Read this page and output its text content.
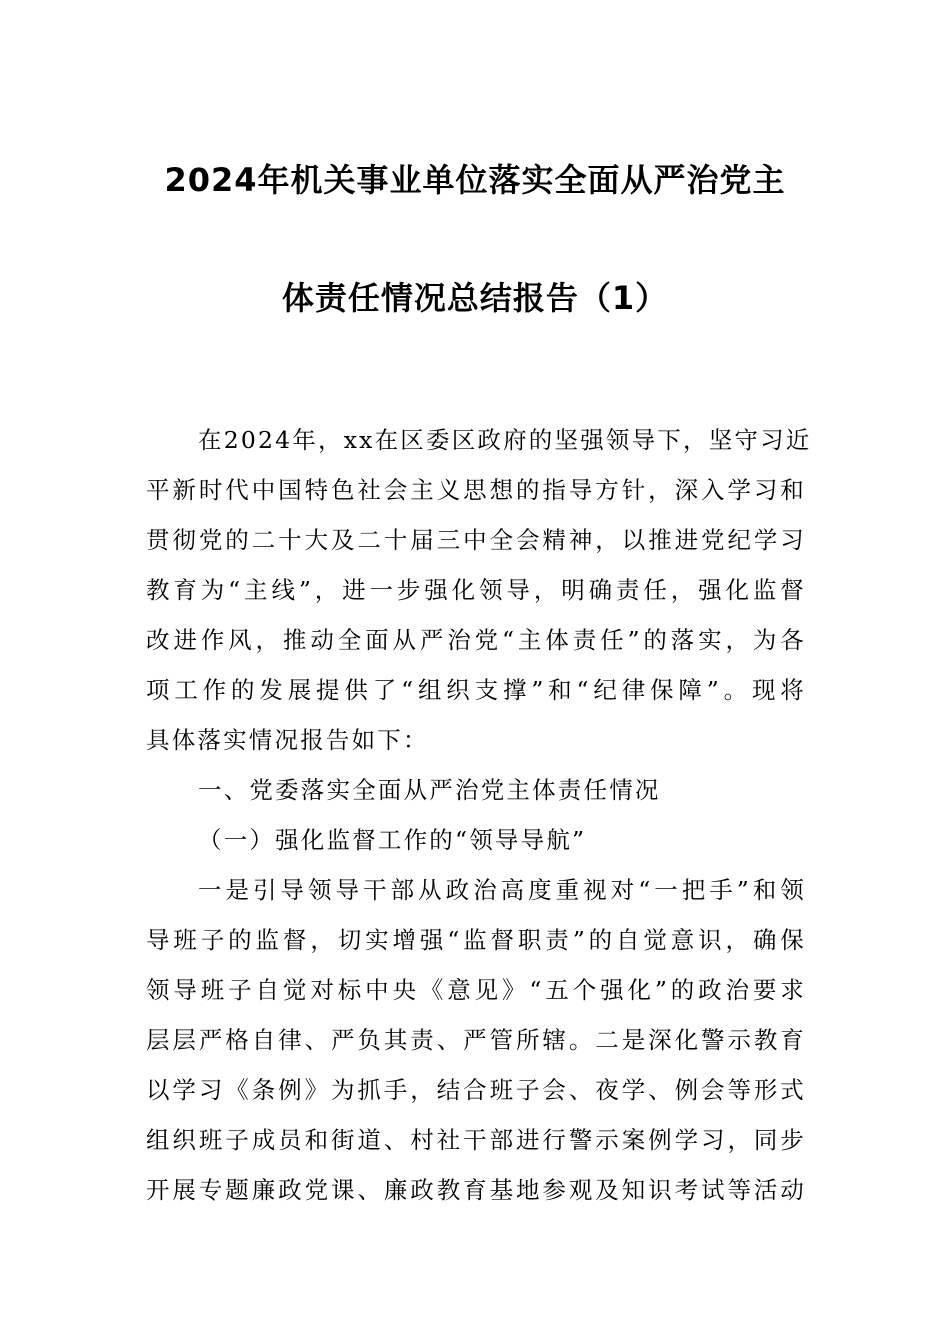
2024年机关事业单位落实全面从严治党主
体责任情况总结报告（1）
在2024年，xx在区委区政府的坚强领导下，坚守习近
平新时代中国特色社会主义思想的指导方针，深入学习和
贯彻党的二十大及二十届三中全会精神，以推进党纪学习
教育为“主线”，进一步强化领导，明确责任，强化监督
改进作风，推动全面从严治党“主体责任”的落实，为各
项工作的发展提供了“组织支撑”和“纪律保障”。现将
具体落实情况报告如下：
一、党委落实全面从严治党主体责任情况
（一）强化监督工作的“领导导航”
一是引导领导干部从政治高度重视对“一把手”和领
导班子的监督，切实增强“监督职责”的自觉意识，确保
领导班子自觉对标中央《意见》“五个强化”的政治要求
层层严格自律、严负其责、严管所辖。二是深化警示教育
以学习《条例》为抓手，结合班子会、夜学、例会等形式
组织班子成员和街道、村社干部进行警示案例学习，同步
开展专题廉政党课、廉政教育基地参观及知识考试等活动
